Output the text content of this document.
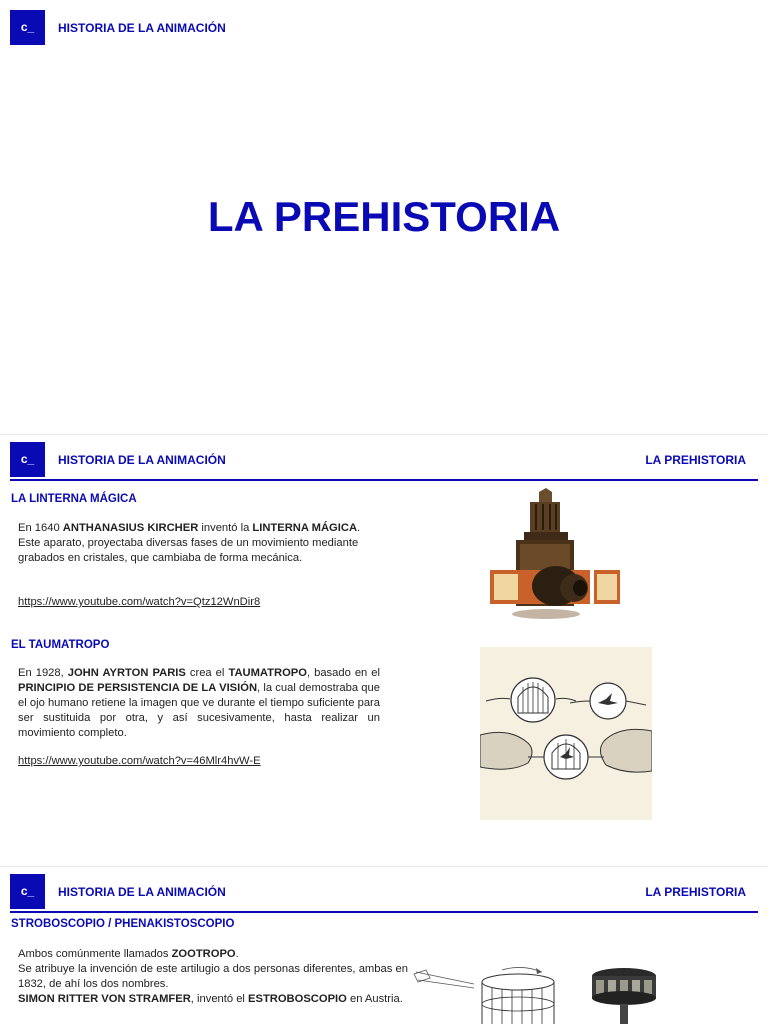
c_	HISTORIA DE LA ANIMACIÓN
LA PREHISTORIA
c_	HISTORIA DE LA ANIMACIÓN	LA PREHISTORIA
LA LINTERNA MÁGICA
En 1640 ANTHANASIUS KIRCHER inventó la LINTERNA MÁGICA. Este aparato, proyectaba diversas fases de un movimiento mediante grabados en cristales, que cambiaba de forma mecánica.
https://www.youtube.com/watch?v=Qtz12WnDir8
EL TAUMATROPO
En 1928, JOHN AYRTON PARIS crea el TAUMATROPO, basado en el PRINCIPIO DE PERSISTENCIA DE LA VISIÓN, la cual demostraba que el ojo humano retiene la imagen que ve durante el tiempo suficiente para ser sustituida por otra, y así sucesivamente, hasta realizar un movimiento completo.
https://www.youtube.com/watch?v=46Mlr4hvW-E
c_	HISTORIA DE LA ANIMACIÓN	LA PREHISTORIA
STROBOSCOPIO / PHENAKISTOSCOPIO
Ambos comúnmente llamados ZOOTROPO.
Se atribuye la invención de este artilugio a dos personas diferentes, ambas en 1832, de ahí los dos nombres.
SIMON RITTER VON STRAMFER, inventó el ESTROBOSCOPIO en Austria.
